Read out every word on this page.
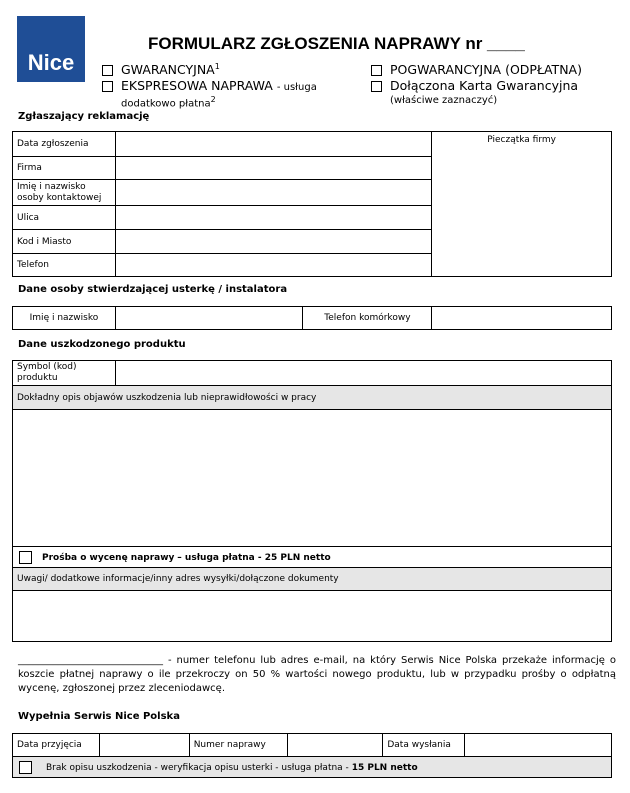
Nice
FORMULARZ ZGŁOSZENIA NAPRAWY nr ____
GWARANCYJNA$^1$	POGWARANCYJNA (ODPŁATNA)
EKSPRESOWA NAPRAWA - usługa
dodatkowo płatna$^2$
Dołączona Karta Gwarancyjna
(właściwe zaznaczyć)
Zgłaszający reklamację
Data zgłoszenia		Pieczątka firmy
Firma		
Imię i nazwisko osoby kontaktowej		
Ulica		
Kod i Miasto		
Telefon		
Dane osoby stwierdzającej usterkę / instalatora
Imię i nazwisko		Telefon komórkowy	
Dane uszkodzonego produktu
Symbol (kod) produktu	
Dokładny opis objawów uszkodzenia lub nieprawidłowości w pracy

Prośba o wycenę naprawy – usługa płatna - 25 PLN netto
Uwagi/ dodatkowe informacje/inny adres wysyłki/dołączone dokumenty

_____________________________ - numer telefonu lub adres e-mail, na który Serwis Nice Polska przekaże informację o koszcie płatnej naprawy o ile przekroczy on 50 % wartości nowego produktu, lub w przypadku prośby o odpłatną wycenę, zgłoszonej przez zleceniodawcę.
Wypełnia Serwis Nice Polska
Data przyjęcia		Numer naprawy		Data wysłania	
Brak opisu uszkodzenia - weryfikacja opisu usterki - usługa płatna - 15 PLN netto
